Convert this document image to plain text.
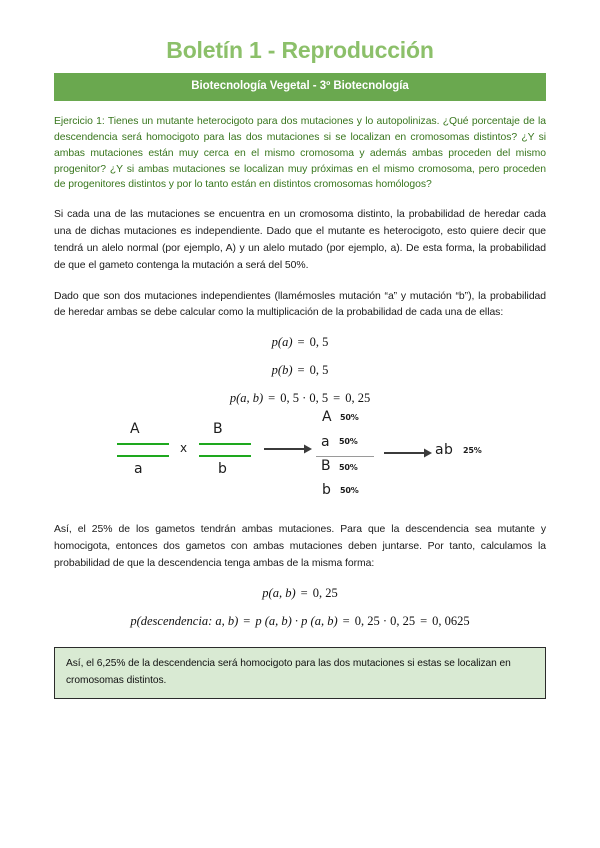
Boletín 1 - Reproducción
Biotecnología Vegetal - 3º Biotecnología
Ejercicio 1: Tienes un mutante heterocigoto para dos mutaciones y lo autopolinizas. ¿Qué porcentaje de la descendencia será homocigoto para las dos mutaciones si se localizan en cromosomas distintos? ¿Y si ambas mutaciones están muy cerca en el mismo cromosoma y además ambas proceden del mismo progenitor? ¿Y si ambas mutaciones se localizan muy próximas en el mismo cromosoma, pero proceden de progenitores distintos y por lo tanto están en distintos cromosomas homólogos?

Si cada una de las mutaciones se encuentra en un cromosoma distinto, la probabilidad de heredar cada una de dichas mutaciones es independiente. Dado que el mutante es heterocigoto, esto quiere decir que tendrá un alelo normal (por ejemplo, A) y un alelo mutado (por ejemplo, a). De esta forma, la probabilidad de que el gameto contenga la mutación a será del 50%.

Dado que son dos mutaciones independientes (llamémosles mutación “a” y mutación “b”), la probabilidad de heredar ambas se debe calcular como la multiplicación de la probabilidad de cada una de ellas:

p(a) = 0, 5
p(b) = 0, 5
p(a, b) = 0, 5 · 0, 5 = 0, 25
A
a
x
B
b
A 50%
a 50%
B 50%
b 50%
ab 25%

Así, el 25% de los gametos tendrán ambas mutaciones. Para que la descendencia sea mutante y homocigota, entonces dos gametos con ambas mutaciones deben juntarse. Por tanto, calculamos la probabilidad de que la descendencia tenga ambas de la misma forma:

p(a, b) = 0, 25
p(descendencia: a, b) = p (a, b) · p (a, b) = 0, 25 · 0, 25 = 0, 0625
Así, el 6,25% de la descendencia será homocigoto para las dos mutaciones si estas se localizan en cromosomas distintos.
